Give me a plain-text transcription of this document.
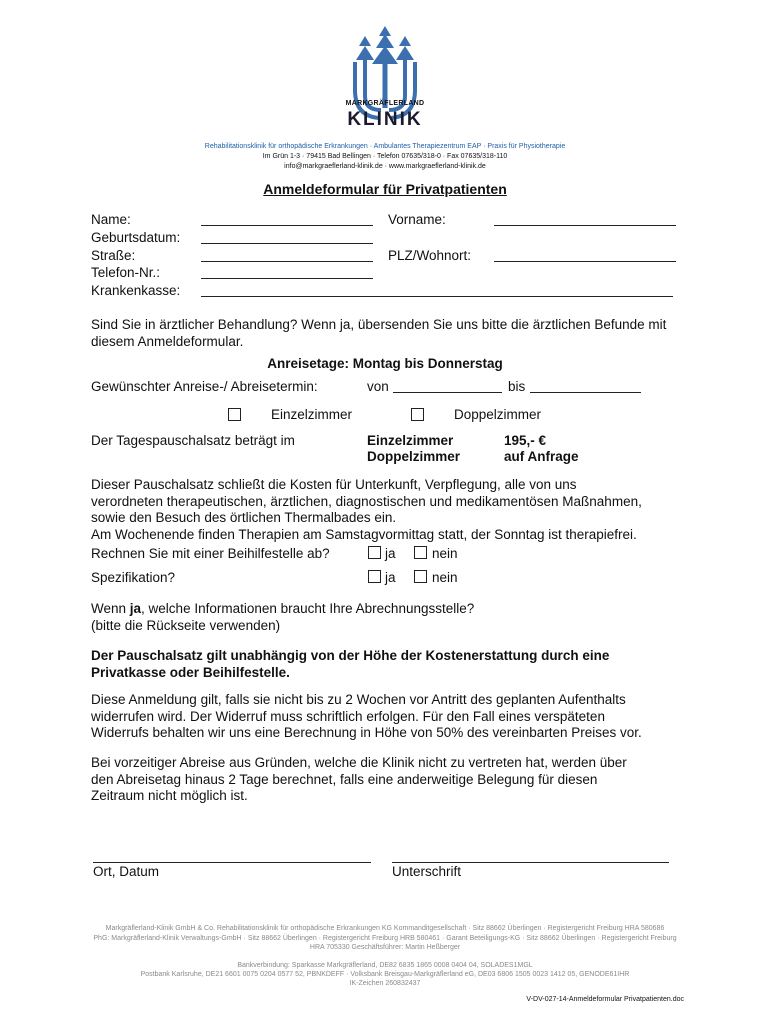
MARKGRÄFLERLAND
KLINIK
Rehabilitationsklinik für orthopädische Erkrankungen · Ambulantes Therapiezentrum EAP · Praxis für Physiotherapie
Im Grün 1-3 · 79415 Bad Bellingen · Telefon 07635/318-0 · Fax 07635/318-110
info@markgraeflerland-klinik.de · www.markgraeflerland-klinik.de
Anmeldeformular für Privatpatienten
Name:	Vorname:
Geburtsdatum:
Straße:	PLZ/Wohnort:
Telefon-Nr.:
Krankenkasse:
Sind Sie in ärztlicher Behandlung? Wenn ja, übersenden Sie uns bitte die ärztlichen Befunde mit diesem Anmeldeformular.
Anreisetage: Montag bis Donnerstag
Gewünschter Anreise-/ Abreisetermin:	von	bis
Einzelzimmer	Doppelzimmer
Der Tagespauschalsatz beträgt im	Einzelzimmer	195,- €
Doppelzimmer	auf Anfrage
Dieser Pauschalsatz schließt die Kosten für Unterkunft, Verpflegung, alle von uns
verordneten therapeutischen, ärztlichen, diagnostischen und medikamentösen Maßnahmen,
sowie den Besuch des örtlichen Thermalbades ein.
Am Wochenende finden Therapien am Samstagvormittag statt, der Sonntag ist therapiefrei.
Rechnen Sie mit einer Beihilfestelle ab?	ja	nein
Spezifikation?	ja	nein
Wenn ja, welche Informationen braucht Ihre Abrechnungsstelle?
(bitte die Rückseite verwenden)
Der Pauschalsatz gilt unabhängig von der Höhe der Kostenerstattung durch eine
Privatkasse oder Beihilfestelle.
Diese Anmeldung gilt, falls sie nicht bis zu 2 Wochen vor Antritt des geplanten Aufenthalts
widerrufen wird. Der Widerruf muss schriftlich erfolgen. Für den Fall eines verspäteten
Widerrufs behalten wir uns eine Berechnung in Höhe von 50% des vereinbarten Preises vor.
Bei vorzeitiger Abreise aus Gründen, welche die Klinik nicht zu vertreten hat, werden über
den Abreisetag hinaus 2 Tage berechnet, falls eine anderweitige Belegung für diesen
Zeitraum nicht möglich ist.
Ort, Datum	Unterschrift
Markgräflerland-Klinik GmbH & Co. Rehabilitationsklinik für orthopädische Erkrankungen KG Kommanditgesellschaft · Sitz 88662 Überlingen · Registergericht Freiburg HRA 580686
PhG: Markgräflerland-Klinik Verwaltungs-GmbH · Sitz 88662 Überlingen · Registergericht Freiburg HRB 580461 · Garant Beteiligungs-KG · Sitz 88662 Überlingen · Registergericht Freiburg
HRA 705330 Geschäftsführer: Martin Heßberger
Bankverbindung: Sparkasse Markgräflerland, DE82 6835 1865 0008 0404 04, SOLADES1MGL
Postbank Karlsruhe, DE21 6601 0075 0204 0577 52, PBNKDEFF · Volksbank Breisgau-Markgräflerland eG, DE03 6806 1505 0023 1412 05, GENODE61IHR
IK-Zeichen 260832437
V-DV-027-14-Anmeldeformular Privatpatienten.doc
